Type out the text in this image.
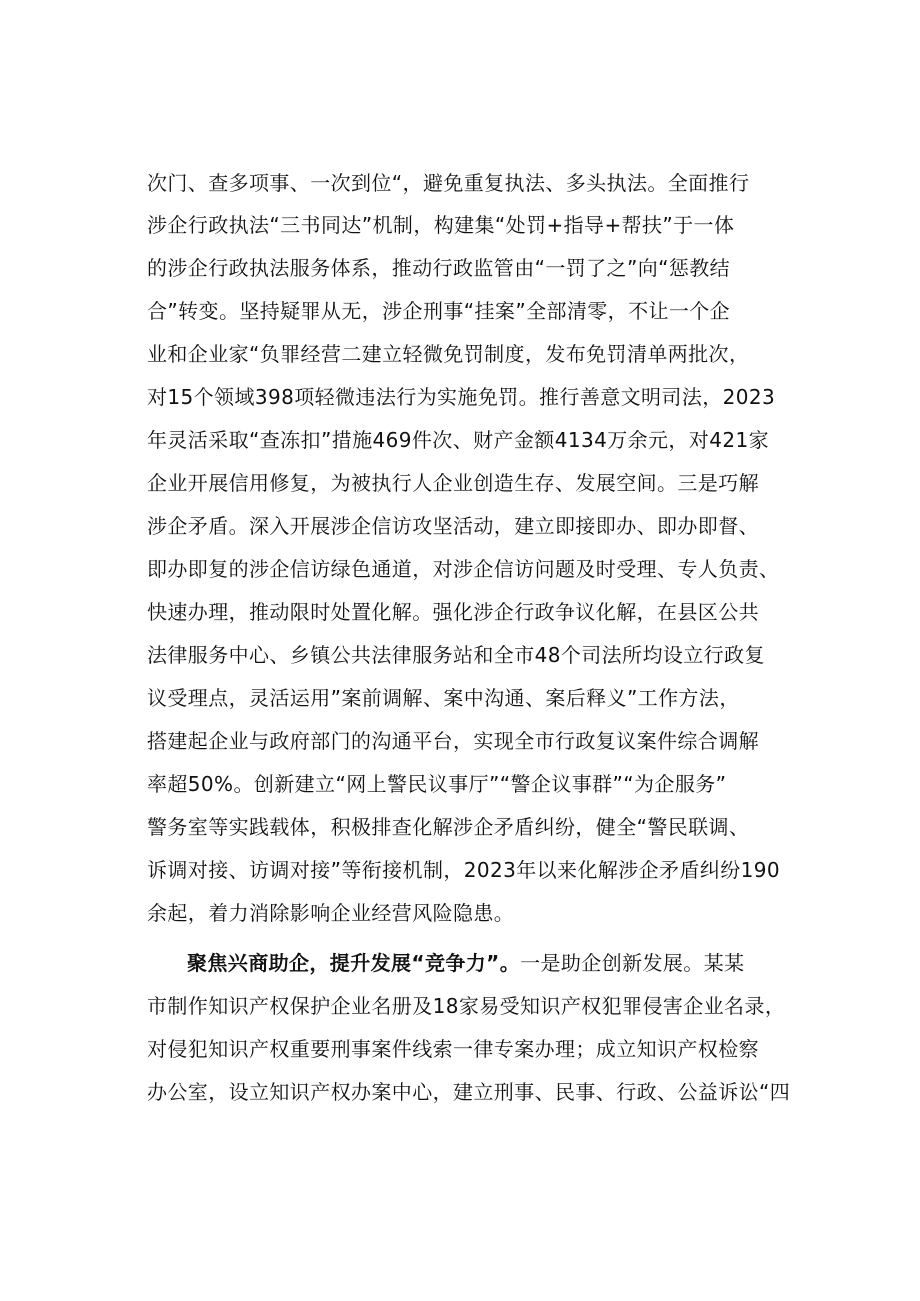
次门、查多项事、一次到位“，避免重复执法、多头执法。全面推行
涉企行政执法“三书同达”机制，构建集“处罚+指导+帮扶”于一体
的涉企行政执法服务体系，推动行政监管由“一罚了之”向“惩教结
合”转变。坚持疑罪从无，涉企刑事“挂案”全部清零，不让一个企
业和企业家“负罪经营二建立轻微免罚制度，发布免罚清单两批次，
对15个领域398项轻微违法行为实施免罚。推行善意文明司法，2023
年灵活采取“查冻扣”措施469件次、财产金额4134万余元，对421家
企业开展信用修复，为被执行人企业创造生存、发展空间。三是巧解
涉企矛盾。深入开展涉企信访攻坚活动，建立即接即办、即办即督、
即办即复的涉企信访绿色通道，对涉企信访问题及时受理、专人负责、
快速办理，推动限时处置化解。强化涉企行政争议化解，在县区公共
法律服务中心、乡镇公共法律服务站和全市48个司法所均设立行政复
议受理点，灵活运用”案前调解、案中沟通、案后释义”工作方法，
搭建起企业与政府部门的沟通平台，实现全市行政复议案件综合调解
率超50%。创新建立“网上警民议事厅”“警企议事群”“为企服务”
警务室等实践载体，积极排查化解涉企矛盾纠纷，健全“警民联调、
诉调对接、访调对接”等衔接机制，2023年以来化解涉企矛盾纠纷190
余起，着力消除影响企业经营风险隐患。
聚焦兴商助企，提升发展“竞争力”。一是助企创新发展。某某
市制作知识产权保护企业名册及18家易受知识产权犯罪侵害企业名录，
对侵犯知识产权重要刑事案件线索一律专案办理；成立知识产权检察
办公室，设立知识产权办案中心，建立刑事、民事、行政、公益诉讼“四
